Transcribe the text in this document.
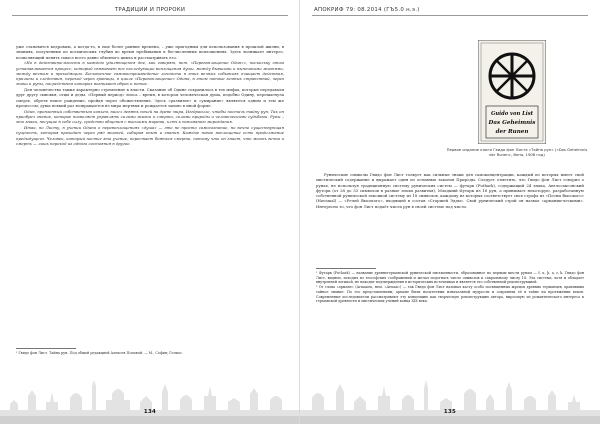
ТРАДИЦИИ И ПРОРОКИ

уже становится кедровым, а когда-то, в еще более ранние времена, – уже пригодным для использования в прошлой жизни, в знаниях, полученных из космических глубин во время пребывания в бесчисленных воплощениях. Здесь возникает интерес, позволяющий понять смысл всего давно обычного цикла и рассматривать его.

«Но в действительности в каждом удаляющемся дне, как говорят, нет. «Перевоплощение Один»», поскольку этим устанавливается процесс, который связывает все последующие воплощения души, между бывшими и нынешними жизнями, между вечным и преходящим. Бесконечное самовоспроизведение личности в этих вечных событиях очищает действия, причины и следствия, переход через границы, в цикле «Перевоплощение» Одина, в этом потоке земных странствий, через знаки и руны, посредством которых возникает образ и поток.

Для человечества также характерно стремление к власти. Сказание об Одине сохранилось в тех мифах, которые передавали друг другу сыновья, отцы и деды. «Первый период» эпоса – время, в котором человеческая душа, подобно Одину, перешагнула смерть, обретя новое рождение, пройдя через обожествление. Здесь «развитие» и «умирание» являются одним и тем же процессом; душа всякий раз возвращается из мира мертвых и рождается заново в иной форме.

Один, пронзенный собственным копьем, висел девять ночей на древе мира, Иггдрасиле, чтобы постичь тайну рун. Так он приобрел знание, которое позволяет управлять силами жизни и смерти, силами природы и человеческими судьбами. Руны – это знаки, несущие в себе силу, средство общения с высшими мирами, ключ к пониманию мироздания.

Итак, по Листу, в учении Одина о перевоплощениях «душа» — это не просто самосознание, но вечно существующая сущность, которая проходит через ряд жизней, собирая опыт и знания. Каждое новое воплощение есть продолжение предыдущего. Человек, который постиг это учение, перестает бояться смерти, потому что он знает, что жизнь вечна и смерть — лишь переход из одного состояния в другое.

¹ Гвидо фон Лист. Тайна рун. Под общей редакцией Алексея Поповой. — М., София; Гелиос.
134
АПОКРИФ 79: 08.2014 (ГЪ5.0 н.э.)
Guido von List
Das Geheimnis
der Runen
Первое издание книги Гвидо фон Листа «Тайна рун» («Das Geheimnis der Runen», Вена, 1908 год)

Рунические символы Гвидо фон Лист толкует как сильные знаки для самоконцентрации, каждый из которых имеет свой мистический содержание и выражает один из основных законов Природы. Следует отметить, что Гвидо фон Лист говорил о рунах, не используя традиционную систему рунических систем — футарк (Futhark), содержащий 24 знака, Англосаксонский футорк (от 28 до 33 символов в разные эпохи развития), Младший Футарк из 16 рун, а принимает некоторую, разработанную собственной рунической лексикой систему из 18 символов, каждому из которых соответствует своя строфа из «Песни Высокого» (Havamal) — «Речей Высокого», входящей в состав «Старшей Эдды». Свой рунический строй он назвал «армании-ческими». Интересно то, что фон Лист подаёт числа рун в своей системе под число.

¹ Футарк (Futhark) — название древнегерманской рунической письменности, образованное по первым шести рунам — f, u, þ, a, r, k. Гвидо фон Лист, видимо, исходил из теософских соображений и желал подогнать число символов к сакральному числу 18. Эта система, хотя и обладает внутренней логикой, не находит подтверждения в исторических источниках и является его собственной реконструкцией.

² От слова «армане» (Armanen, нем. «Arman») — так Гвидо фон Лист называл касту особо посвященных жрецов древних германцев, хранивших тайное знание. По его представлениям, армане были носителями изначальной мудрости и сохраняли её в тайне на протяжении веков. Современные исследователи рассматривают эту концепцию как творческую реконструкцию автора, выросшую из романтического интереса к германской древности и мистических учений конца XIX века.

135
